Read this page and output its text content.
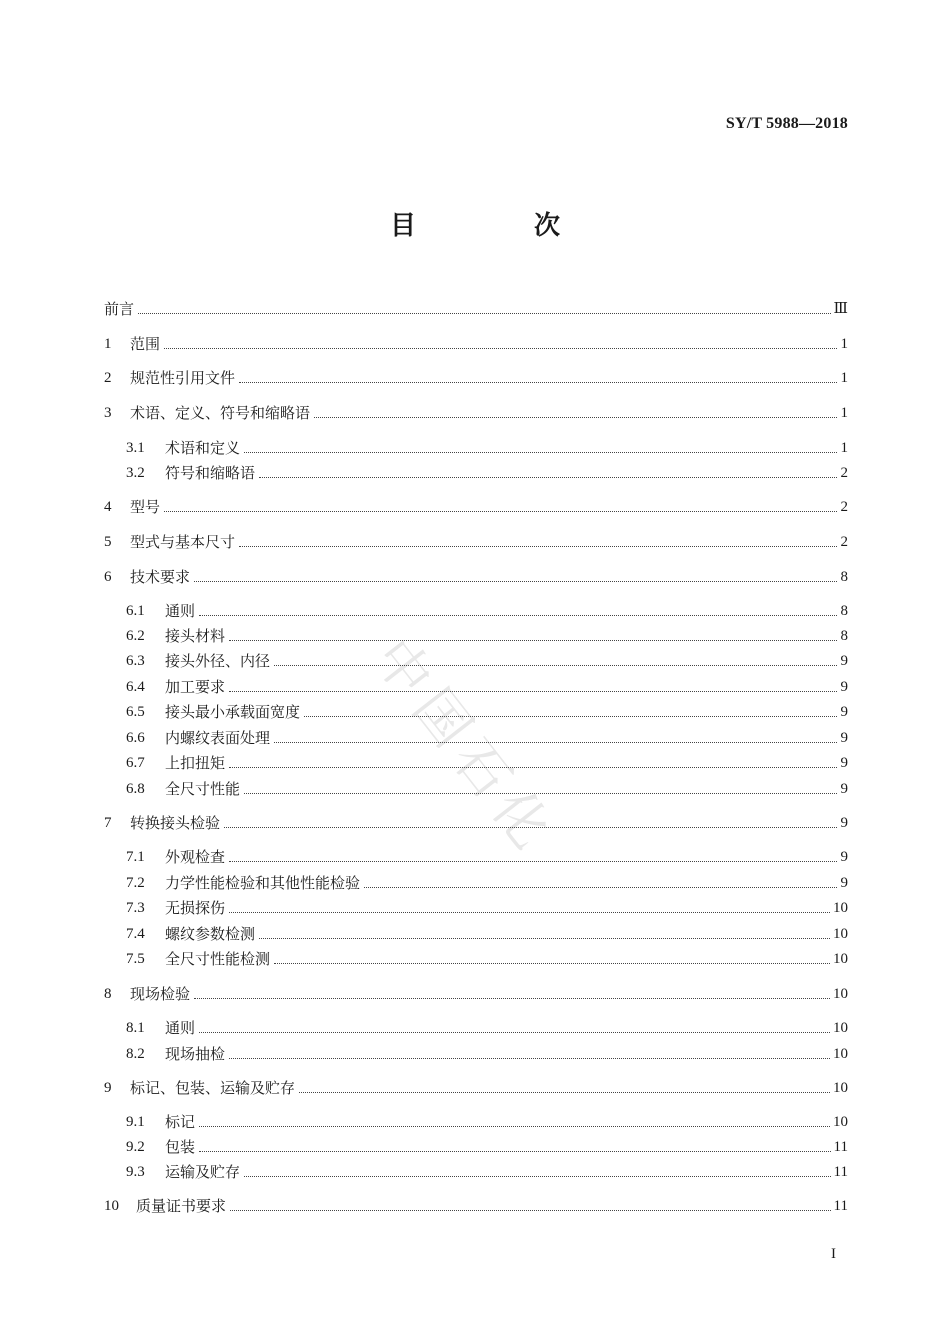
SY/T 5988—2018
目　次
中国石化
前言	Ⅲ
1	范围	1
2	规范性引用文件	1
3	术语、定义、符号和缩略语	1
3.1	术语和定义	1
3.2	符号和缩略语	2
4	型号	2
5	型式与基本尺寸	2
6	技术要求	8
6.1	通则	8
6.2	接头材料	8
6.3	接头外径、内径	9
6.4	加工要求	9
6.5	接头最小承载面宽度	9
6.6	内螺纹表面处理	9
6.7	上扣扭矩	9
6.8	全尺寸性能	9
7	转换接头检验	9
7.1	外观检查	9
7.2	力学性能检验和其他性能检验	9
7.3	无损探伤	10
7.4	螺纹参数检测	10
7.5	全尺寸性能检测	10
8	现场检验	10
8.1	通则	10
8.2	现场抽检	10
9	标记、包装、运输及贮存	10
9.1	标记	10
9.2	包装	11
9.3	运输及贮存	11
10	质量证书要求	11
I
